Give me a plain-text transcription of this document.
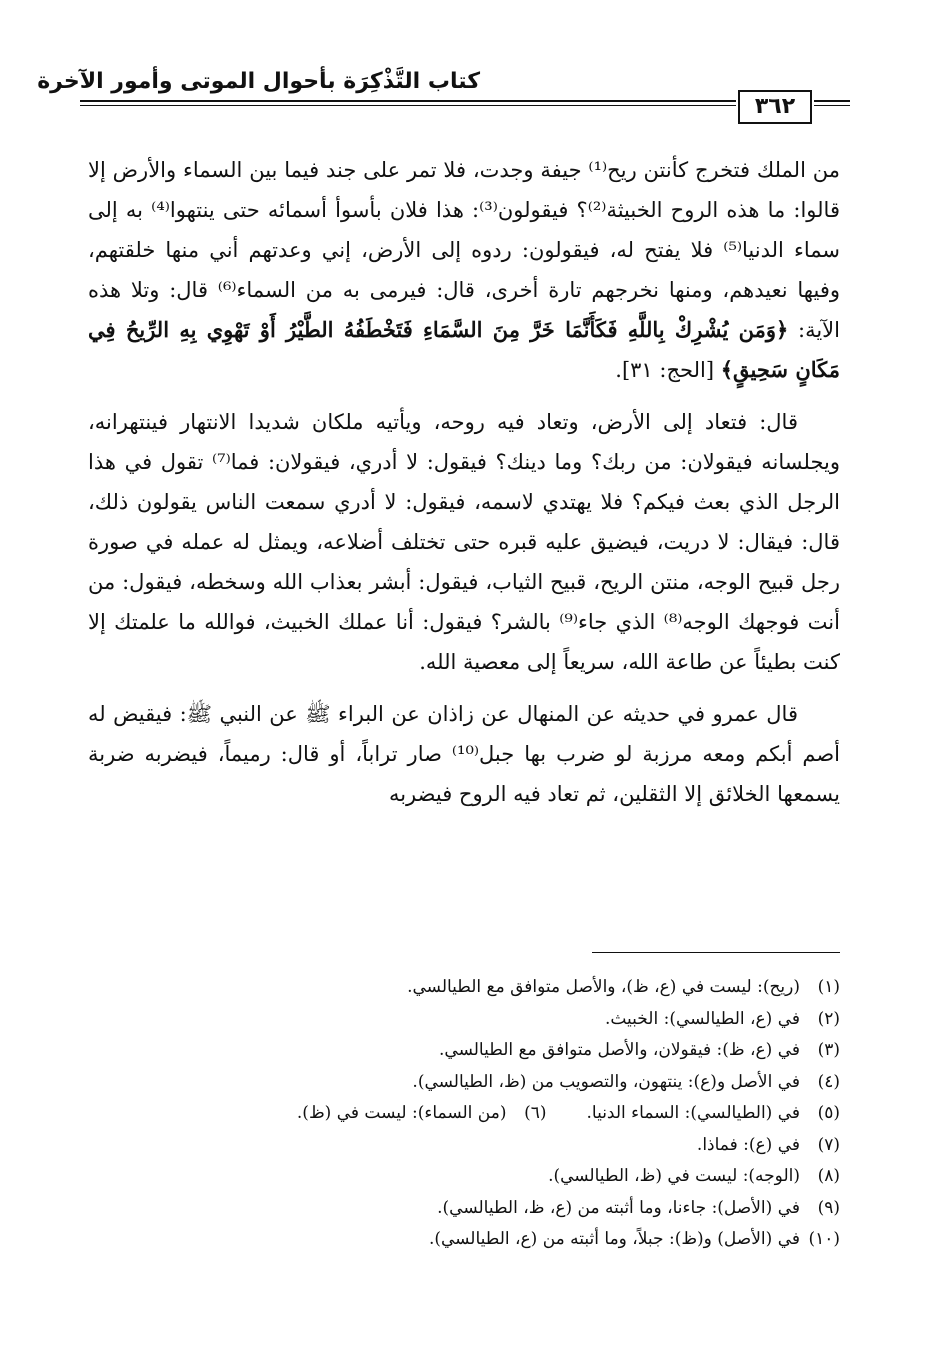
كتاب التَّذْكِرَة بأحوال الموتى وأمور الآخرة
٣٦٢

من الملك فتخرج كأنتن ريح⁽¹⁾ جيفة وجدت، فلا تمر على جند فيما بين السماء والأرض إلا قالوا: ما هذه الروح الخبيثة⁽²⁾؟ فيقولون⁽³⁾: هذا فلان بأسوأ أسمائه حتى ينتهوا⁽⁴⁾ به إلى سماء الدنيا⁽⁵⁾ فلا يفتح له، فيقولون: ردوه إلى الأرض، إني وعدتهم أني منها خلقتهم، وفيها نعيدهم، ومنها نخرجهم تارة أخرى، قال: فيرمى به من السماء⁽⁶⁾ قال: وتلا هذه الآية: ﴿وَمَن يُشْرِكْ بِاللَّهِ فَكَأَنَّمَا خَرَّ مِنَ السَّمَاءِ فَتَخْطَفُهُ الطَّيْرُ أَوْ تَهْوِي بِهِ الرِّيحُ فِي مَكَانٍ سَحِيقٍ﴾ [الحج: ٣١].

قال: فتعاد إلى الأرض، وتعاد فيه روحه، ويأتيه ملكان شديدا الانتهار فينتهرانه، ويجلسانه فيقولان: من ربك؟ وما دينك؟ فيقول: لا أدري، فيقولان: فما⁽⁷⁾ تقول في هذا الرجل الذي بعث فيكم؟ فلا يهتدي لاسمه، فيقول: لا أدري سمعت الناس يقولون ذلك، قال: فيقال: لا دريت، فيضيق عليه قبره حتى تختلف أضلاعه، ويمثل له عمله في صورة رجل قبيح الوجه، منتن الريح، قبيح الثياب، فيقول: أبشر بعذاب الله وسخطه، فيقول: من أنت فوجهك الوجه⁽⁸⁾ الذي جاء⁽⁹⁾ بالشر؟ فيقول: أنا عملك الخبيث، فوالله ما علمتك إلا كنت بطيئاً عن طاعة الله، سريعاً إلى معصية الله.

قال عمرو في حديثه عن المنهال عن زاذان عن البراء ﷺ عن النبي ﷺ: فيقيض له أصم أبكم ومعه مرزبة لو ضرب بها جبل⁽¹⁰⁾ صار تراباً، أو قال: رميماً، فيضربه ضربة يسمعها الخلائق إلا الثقلين، ثم تعاد فيه الروح فيضربه

(١)
(ريح): ليست في (ع، ظ)، والأصل متوافق مع الطيالسي.
(٢)
في (ع، الطيالسي): الخبيث.
(٣)
في (ع، ظ): فيقولان، والأصل متوافق مع الطيالسي.
(٤)
في الأصل و(ع): ينتهون، والتصويب من (ظ، الطيالسي).
(٥)
في (الطيالسي): السماء الدنيا.
(٦)
(من السماء): ليست في (ظ).
(٧)
في (ع): فماذا.
(٨)
(الوجه): ليست في (ظ، الطيالسي).
(٩)
في (الأصل): جاءنا، وما أثبته من (ع، ظ، الطيالسي).
(١٠)
في (الأصل) و(ظ): جبلاً، وما أثبته من (ع، الطيالسي).
